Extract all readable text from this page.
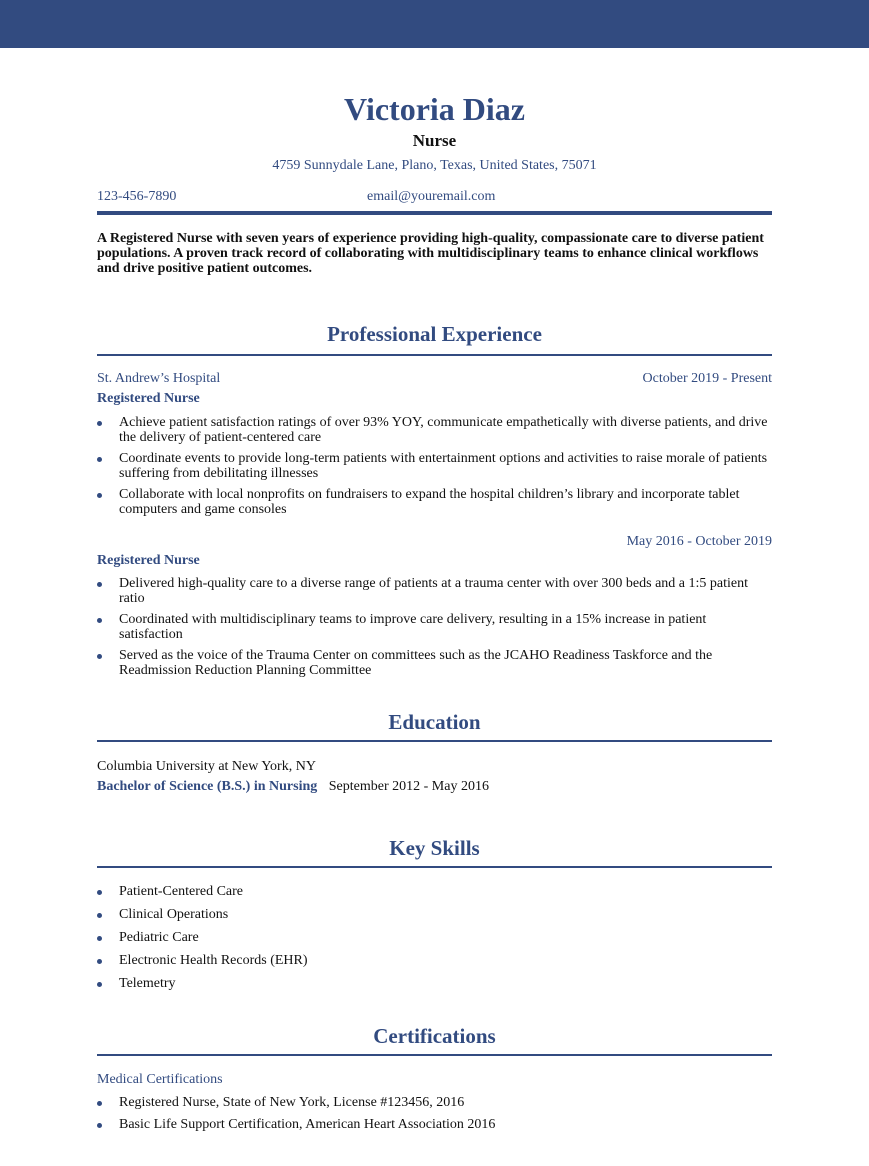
Victoria Diaz
Nurse
4759 Sunnydale Lane, Plano, Texas, United States, 75071
123-456-7890	email@youremail.com
A Registered Nurse with seven years of experience providing high-quality, compassionate care to diverse patient populations. A proven track record of collaborating with multidisciplinary teams to enhance clinical workflows and drive positive patient outcomes.
Professional Experience
St. Andrew’s Hospital	October 2019 - Present
Registered Nurse
Achieve patient satisfaction ratings of over 93% YOY, communicate empathetically with diverse patients, and drive the delivery of patient-centered care
Coordinate events to provide long-term patients with entertainment options and activities to raise morale of patients suffering from debilitating illnesses
Collaborate with local nonprofits on fundraisers to expand the hospital children’s library and incorporate tablet computers and game consoles
May 2016 - October 2019
Registered Nurse
Delivered high-quality care to a diverse range of patients at a trauma center with over 300 beds and a 1:5 patient ratio
Coordinated with multidisciplinary teams to improve care delivery, resulting in a 15% increase in patient satisfaction
Served as the voice of the Trauma Center on committees such as the JCAHO Readiness Taskforce and the Readmission Reduction Planning Committee
Education
Columbia University at New York, NY
Bachelor of Science (B.S.) in Nursing September 2012 - May 2016
Key Skills
Patient-Centered Care
Clinical Operations
Pediatric Care
Electronic Health Records (EHR)
Telemetry
Certifications
Medical Certifications
Registered Nurse, State of New York, License #123456, 2016
Basic Life Support Certification, American Heart Association 2016
